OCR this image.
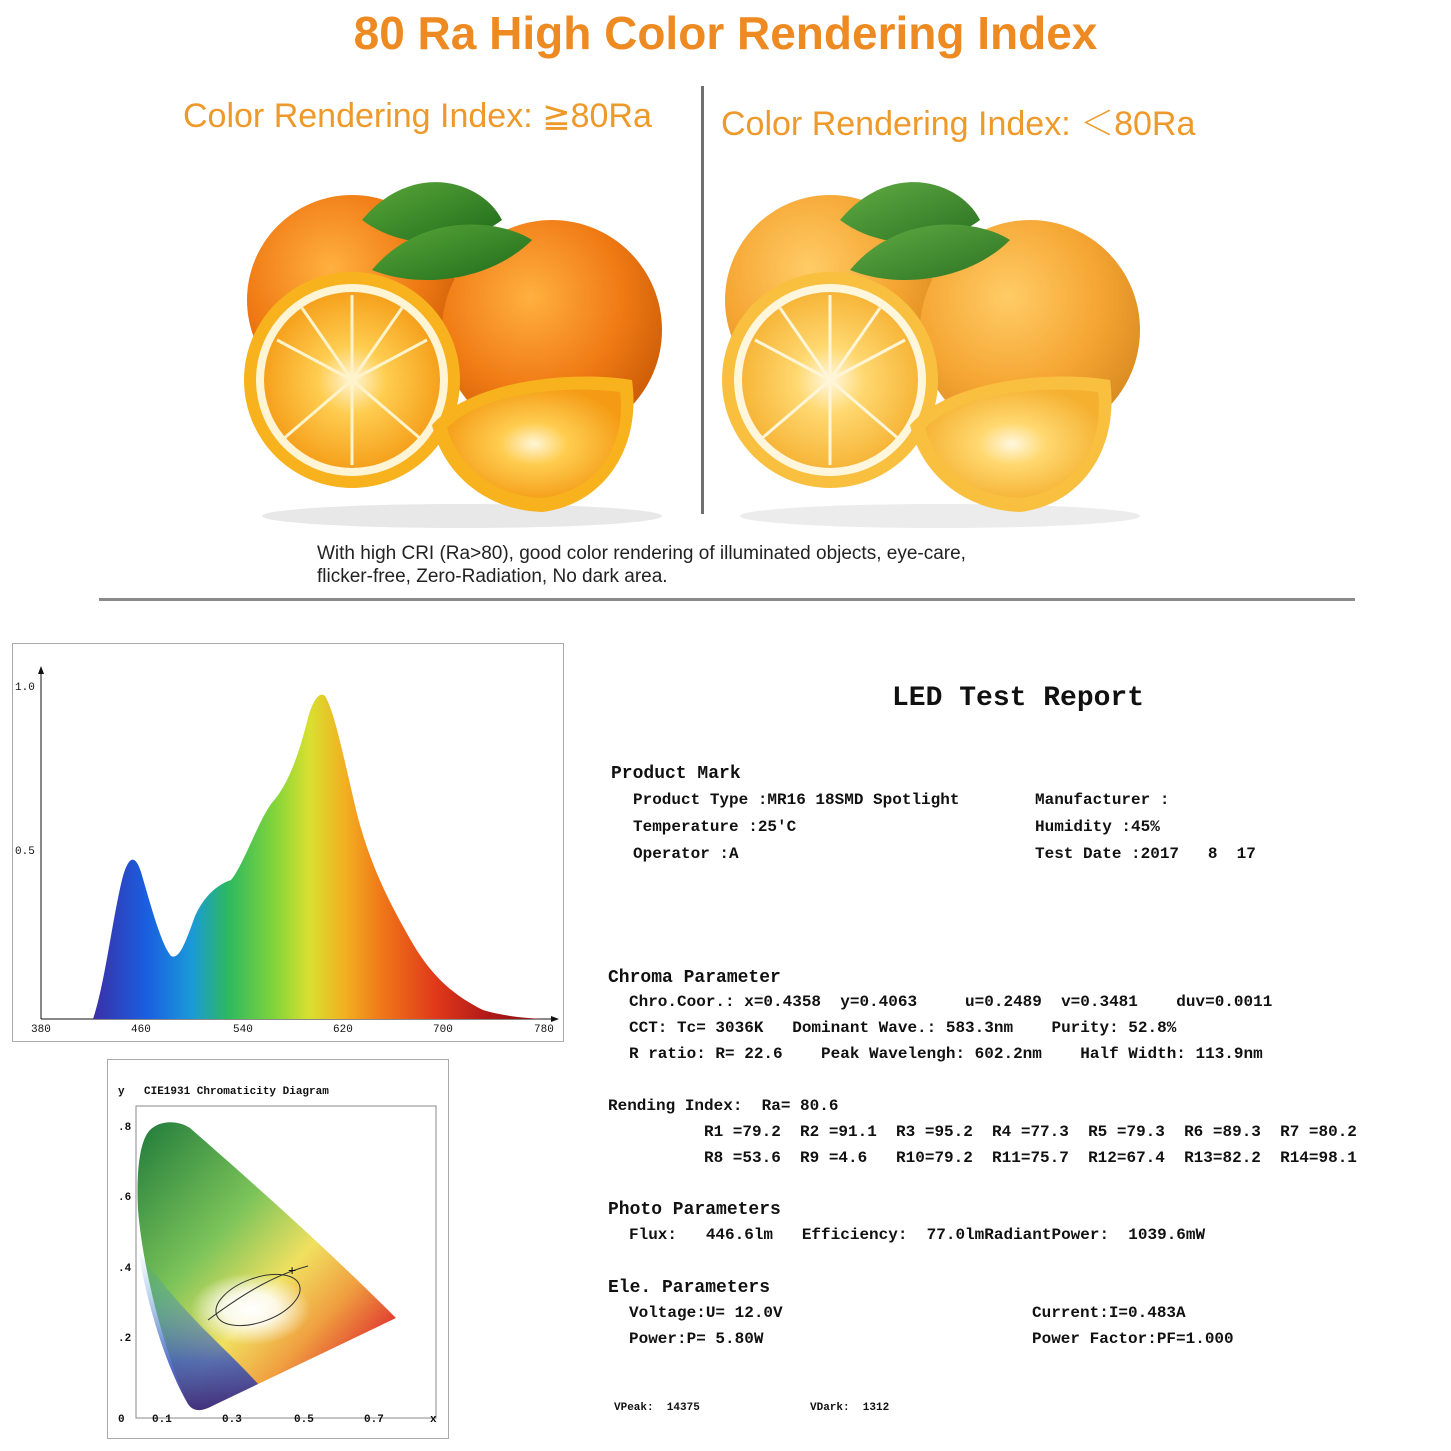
80 Ra High Color Rendering Index
Color Rendering Index: ≧80Ra Color Rendering Index: ＜80Ra
With high CRI (Ra>80), good color rendering of illuminated objects, eye-care,
flicker-free, Zero-Radiation, No dark area.
1.0
0.5
380	460	540	620	700	780
+
y CIE1931 Chromaticity Diagram
.8
.6
.4
.2
0 0.1	0.3	0.5	0.7	x
LED Test Report
Product Mark
Product Type :MR16 18SMD Spotlight	Manufacturer :
Temperature :25'C	Humidity :45%
Operator :A	Test Date :2017   8  17
Chroma Parameter
Chro.Coor.: x=0.4358  y=0.4063     u=0.2489  v=0.3481    duv=0.0011
CCT: Tc= 3036K   Dominant Wave.: 583.3nm    Purity: 52.8%
R ratio: R= 22.6    Peak Wavelengh: 602.2nm    Half Width: 113.9nm
Rending Index:  Ra= 80.6
R1 =79.2  R2 =91.1  R3 =95.2  R4 =77.3  R5 =79.3  R6 =89.3  R7 =80.2
R8 =53.6  R9 =4.6   R10=79.2  R11=75.7  R12=67.4  R13=82.2  R14=98.1
Photo Parameters
Flux:   446.6lm   Efficiency:  77.0lmRadiantPower:  1039.6mW
Ele. Parameters
Voltage:U= 12.0V	Current:I=0.483A
Power:P= 5.80W	Power Factor:PF=1.000
VPeak:  14375	VDark:  1312
